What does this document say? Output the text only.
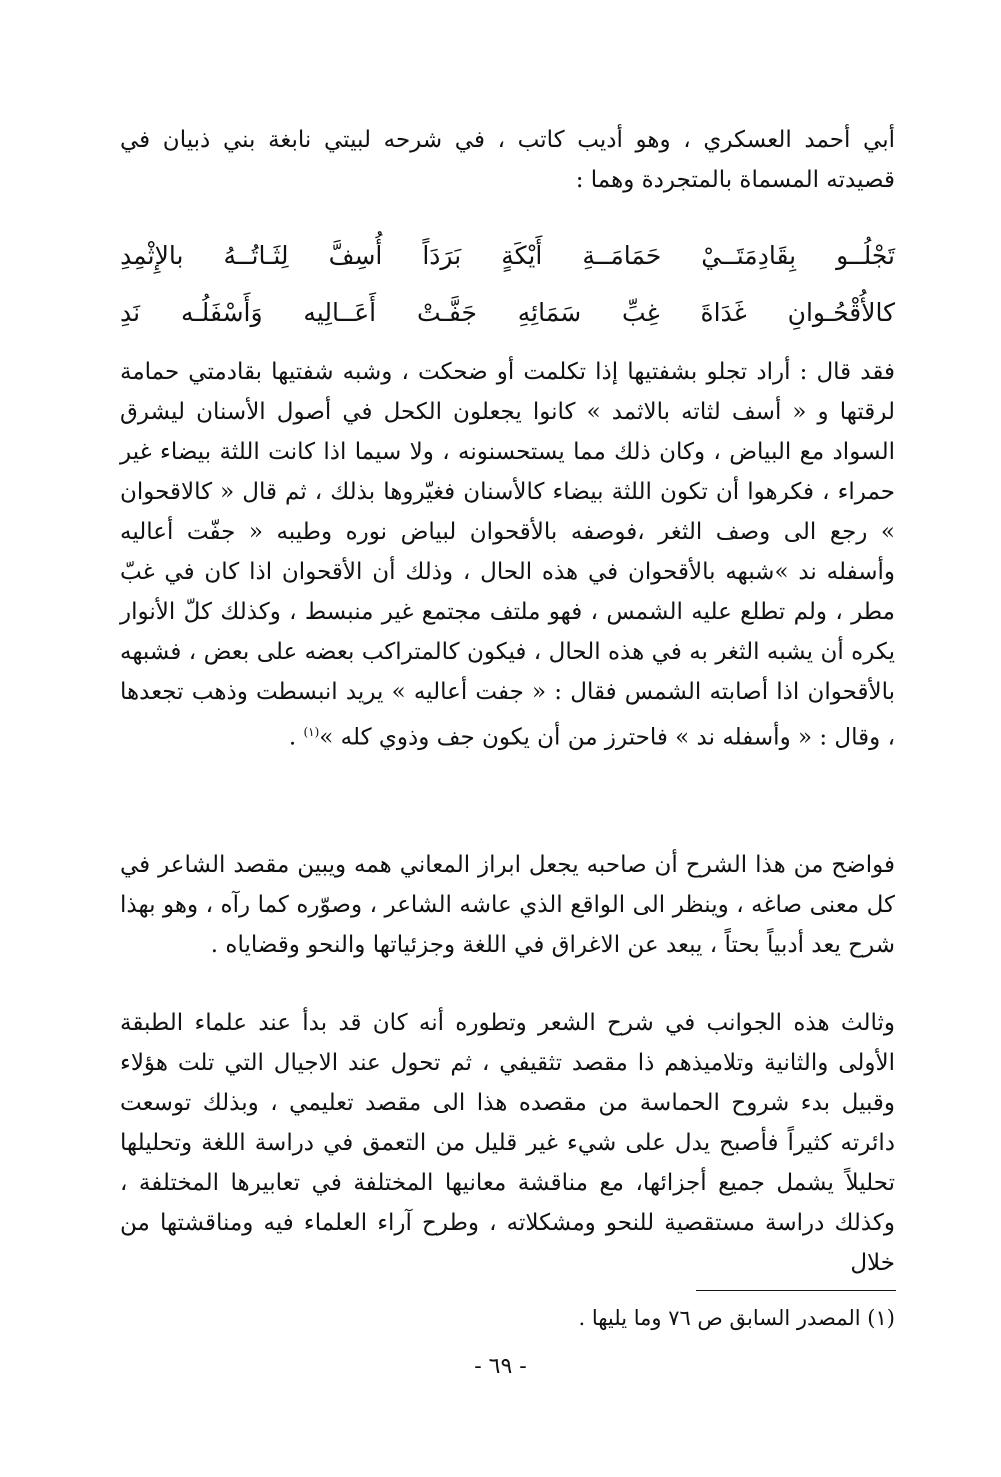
أبي أحمد العسكري ، وهو أديب كاتب ، في شرحه لبيتي نابغة بني ذبيان في قصيدته المسماة بالمتجردة وهما :
تَجْلُــو
بِقَادِمَتَــيْ
حَمَامَــةِ
أَيْكَةٍ
بَرَدَاً
أُسِفَّ
لِثَـاتُــهُ
بالإِثْمِدِ
كالأُقْحُـوانِ
غَدَاةَ
غِبِّ
سَمَائِهِ
جَفَّـتْ
أَعَــالِيه
وَأَسْفَلُـه
نَدِ
فقد قال : أراد تجلو بشفتيها إذا تكلمت أو ضحكت ، وشبه شفتيها بقادمتي حمامة لرقتها و « أسف لثاته بالاثمد » كانوا يجعلون الكحل في أصول الأسنان ليشرق السواد مع البياض ، وكان ذلك مما يستحسنونه ، ولا سيما اذا كانت اللثة بيضاء غير حمراء ، فكرهوا أن تكون اللثة بيضاء كالأسنان فغيّروها بذلك ، ثم قال « كالاقحوان » رجع الى وصف الثغر ،فوصفه بالأقحوان لبياض نوره وطيبه « جفّت أعاليه وأسفله ند »شبهه بالأقحوان في هذه الحال ، وذلك أن الأقحوان اذا كان في غبّ مطر ، ولم تطلع عليه الشمس ، فهو ملتف مجتمع غير منبسط ، وكذلك كلّ الأنوار يكره أن يشبه الثغر به في هذه الحال ، فيكون كالمتراكب بعضه على بعض ، فشبهه بالأقحوان اذا أصابته الشمس فقال : « جفت أعاليه » يريد انبسطت وذهب تجعدها ، وقال : « وأسفله ند » فاحترز من أن يكون جف وذوي كله »$^{(١)}$ .
فواضح من هذا الشرح أن صاحبه يجعل ابراز المعاني همه ويبين مقصد الشاعر في كل معنى صاغه ، وينظر الى الواقع الذي عاشه الشاعر ، وصوّره كما رآه ، وهو بهذا شرح يعد أدبياً بحتاً ، يبعد عن الاغراق في اللغة وجزئياتها والنحو وقضاياه .
وثالث هذه الجوانب في شرح الشعر وتطوره أنه كان قد بدأ عند علماء الطبقة الأولى والثانية وتلاميذهم ذا مقصد تثقيفي ، ثم تحول عند الاجيال التي تلت هؤلاء وقبيل بدء شروح الحماسة من مقصده هذا الى مقصد تعليمي ، وبذلك توسعت دائرته كثيراً فأصبح يدل على شيء غير قليل من التعمق في دراسة اللغة وتحليلها تحليلاً يشمل جميع أجزائها، مع مناقشة معانيها المختلفة في تعابيرها المختلفة ، وكذلك دراسة مستقصية للنحو ومشكلاته ، وطرح آراء العلماء فيه ومناقشتها من خلال
(١) المصدر السابق ص ٧٦ وما يليها .
- ٦٩ -
